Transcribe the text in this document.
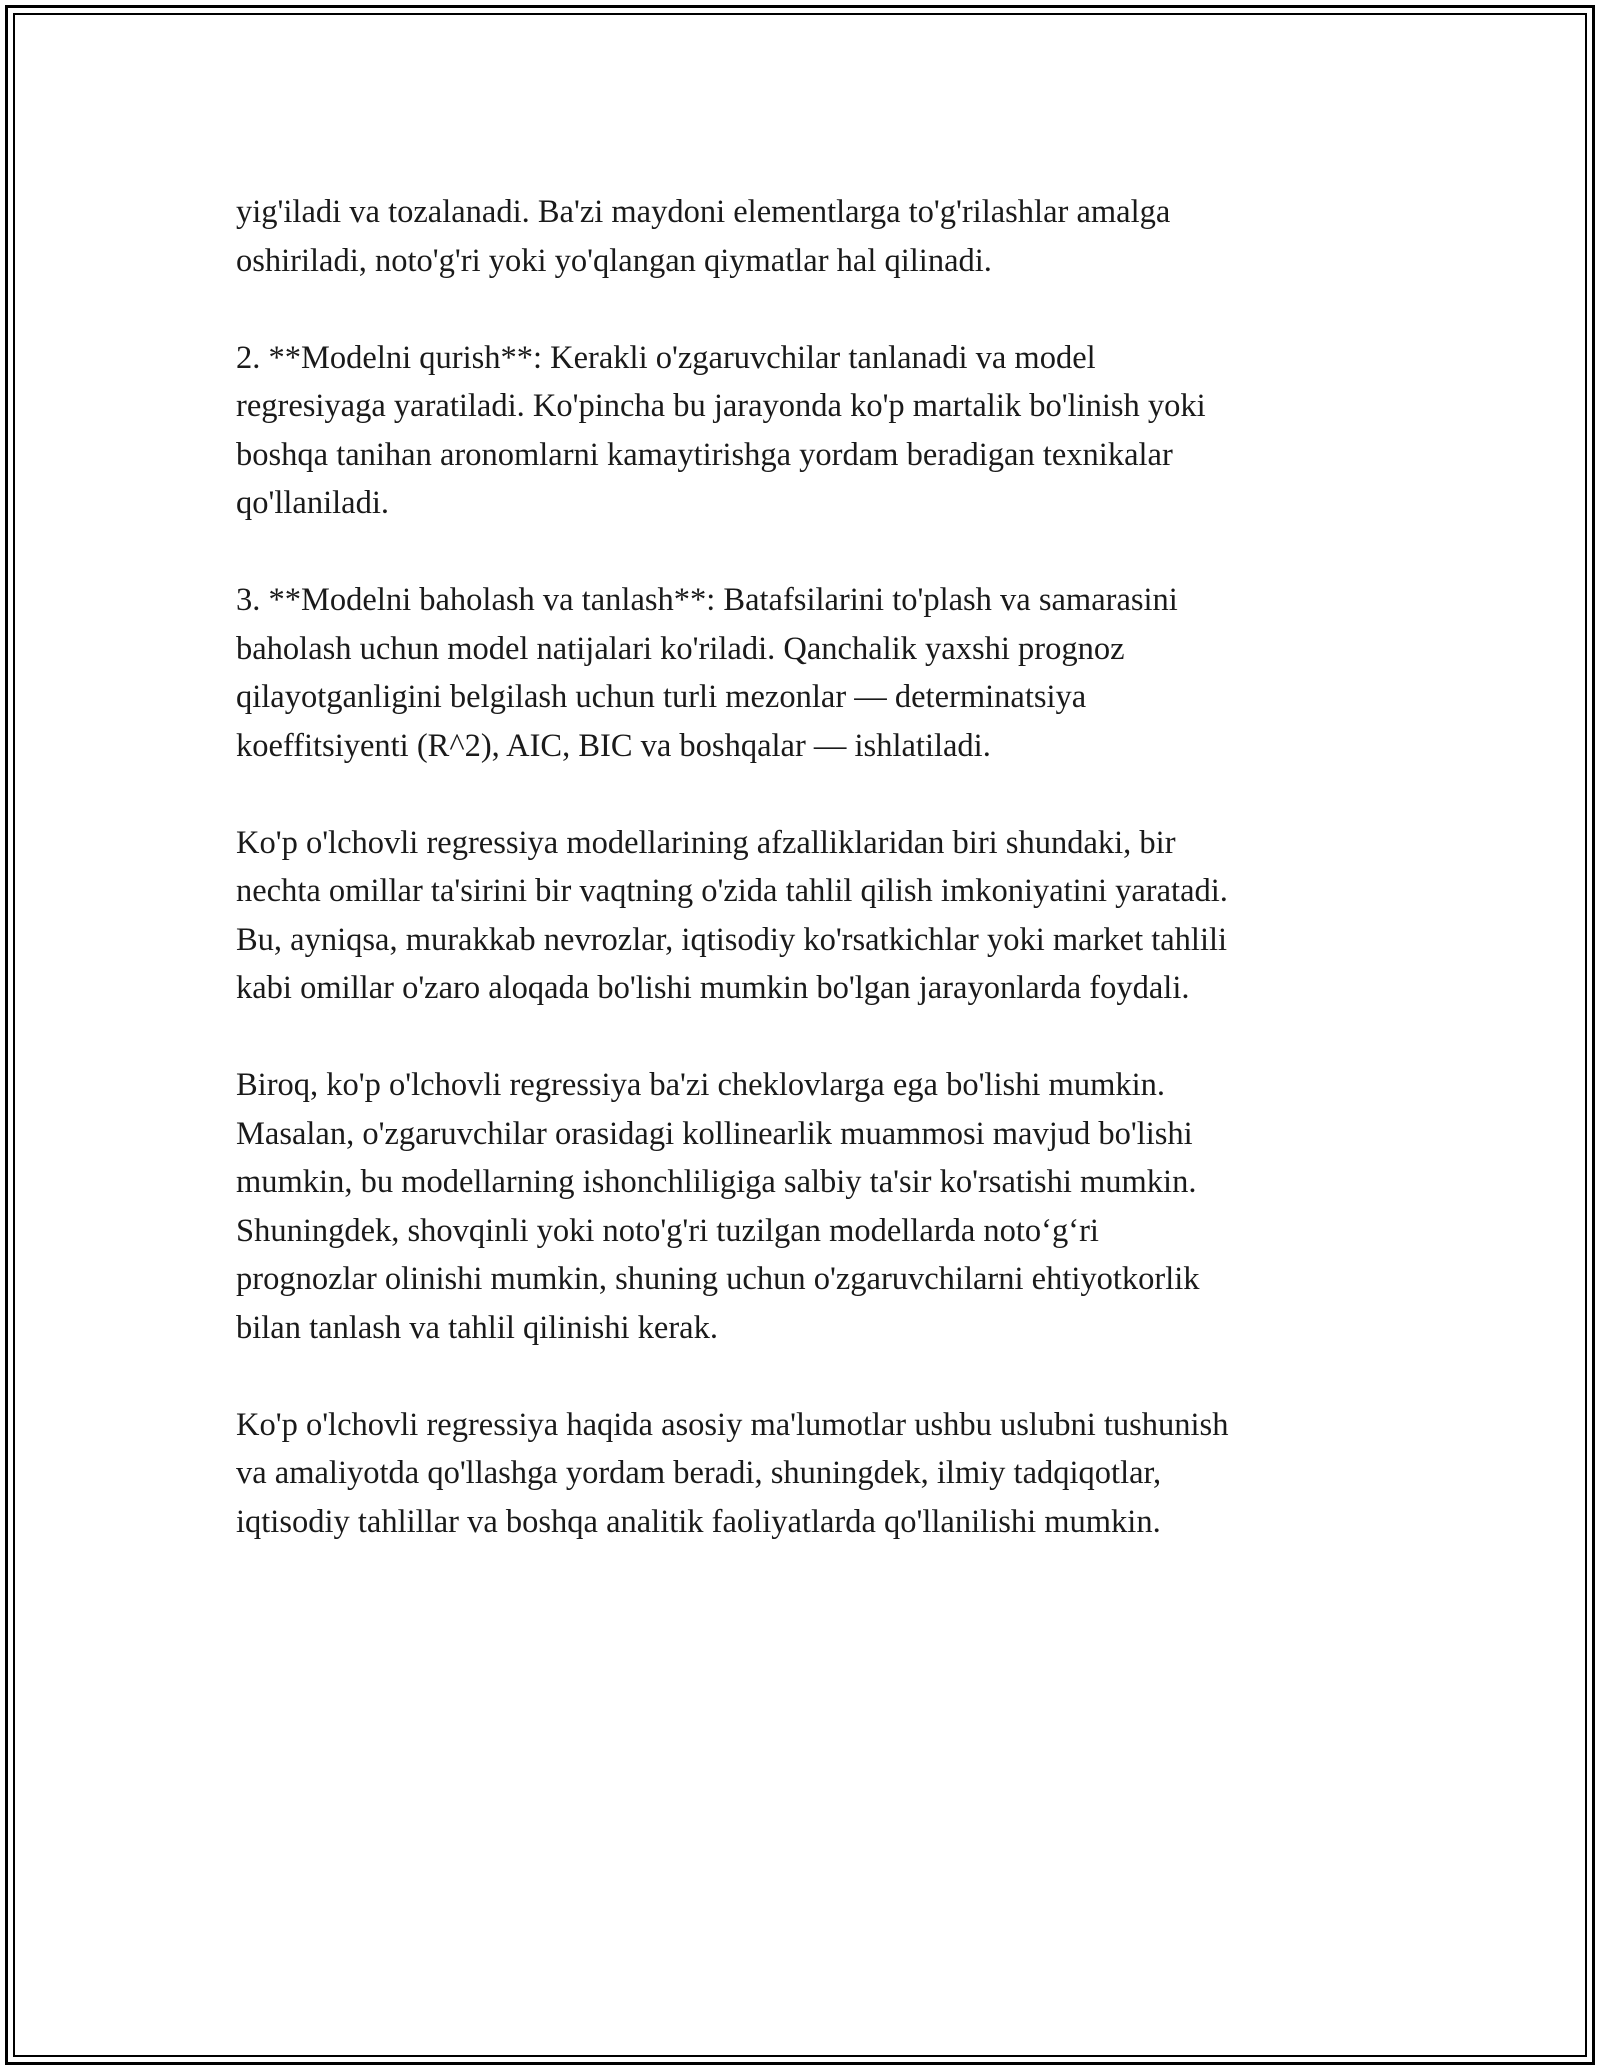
yig'iladi va tozalanadi. Ba'zi maydoni elementlarga to'g'rilashlar amalga
oshiriladi, noto'g'ri yoki yo'qlangan qiymatlar hal qilinadi.

2. **Modelni qurish**: Kerakli o'zgaruvchilar tanlanadi va model
regresiyaga yaratiladi. Ko'pincha bu jarayonda ko'p martalik bo'linish yoki
boshqa tanihan aronomlarni kamaytirishga yordam beradigan texnikalar
qo'llaniladi.

3. **Modelni baholash va tanlash**: Batafsilarini to'plash va samarasini
baholash uchun model natijalari ko'riladi. Qanchalik yaxshi prognoz
qilayotganligini belgilash uchun turli mezonlar — determinatsiya
koeffitsiyenti (R^2), AIC, BIC va boshqalar — ishlatiladi.

Ko'p o'lchovli regressiya modellarining afzalliklaridan biri shundaki, bir
nechta omillar ta'sirini bir vaqtning o'zida tahlil qilish imkoniyatini yaratadi.
Bu, ayniqsa, murakkab nevrozlar, iqtisodiy ko'rsatkichlar yoki market tahlili
kabi omillar o'zaro aloqada bo'lishi mumkin bo'lgan jarayonlarda foydali.

Biroq, ko'p o'lchovli regressiya ba'zi cheklovlarga ega bo'lishi mumkin.
Masalan, o'zgaruvchilar orasidagi kollinearlik muammosi mavjud bo'lishi
mumkin, bu modellarning ishonchliligiga salbiy ta'sir ko'rsatishi mumkin.
Shuningdek, shovqinli yoki noto'g'ri tuzilgan modellarda noto‘g‘ri
prognozlar olinishi mumkin, shuning uchun o'zgaruvchilarni ehtiyotkorlik
bilan tanlash va tahlil qilinishi kerak.

Ko'p o'lchovli regressiya haqida asosiy ma'lumotlar ushbu uslubni tushunish
va amaliyotda qo'llashga yordam beradi, shuningdek, ilmiy tadqiqotlar,
iqtisodiy tahlillar va boshqa analitik faoliyatlarda qo'llanilishi mumkin.
